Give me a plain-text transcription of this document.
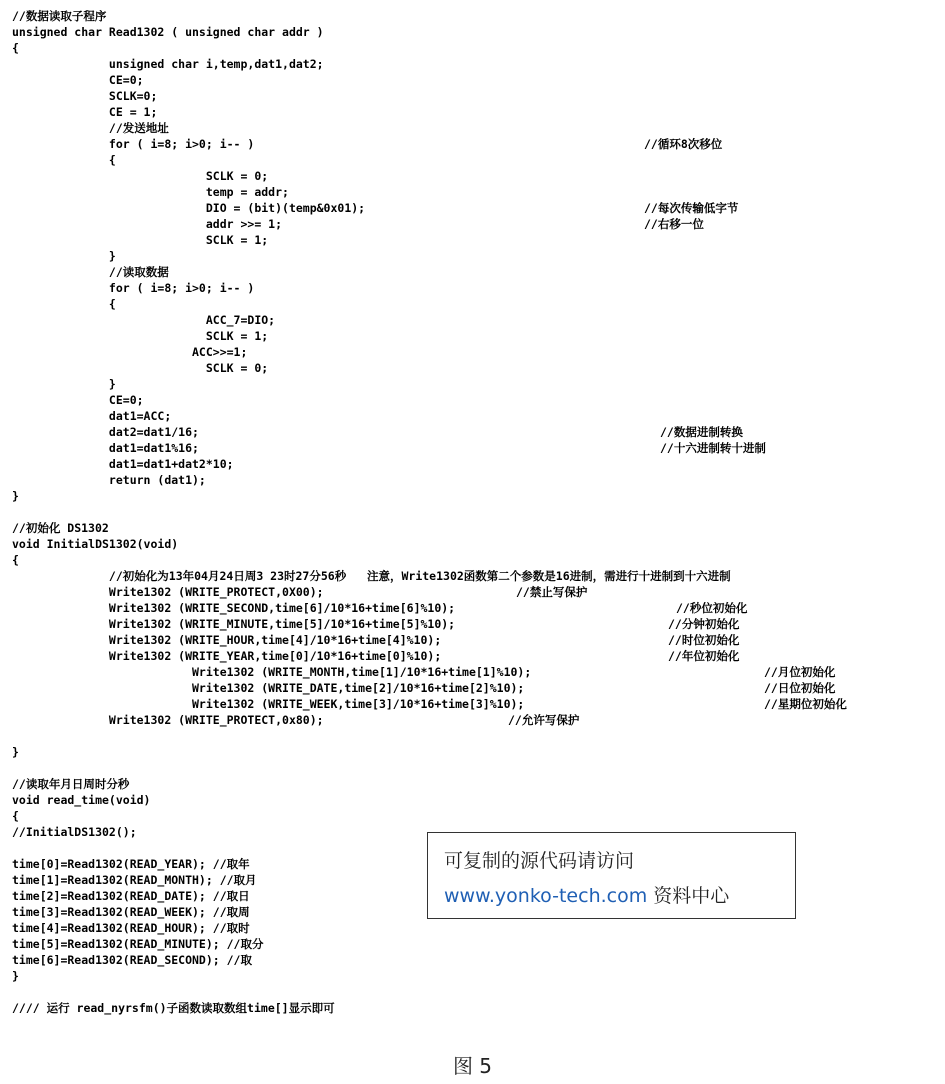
//数据读取子程序
unsigned char Read1302 ( unsigned char addr )
{
unsigned char i,temp,dat1,dat2;
CE=0;
SCLK=0;
CE = 1;
//发送地址
for ( i=8; i>0; i-- )	//循环8次移位
{
SCLK = 0;
temp = addr;
DIO = (bit)(temp&0x01);	//每次传输低字节
addr >>= 1;	//右移一位
SCLK = 1;
}
//读取数据
for ( i=8; i>0; i-- )
{
ACC_7=DIO;
SCLK = 1;
ACC>>=1;
SCLK = 0;
}
CE=0;
dat1=ACC;
dat2=dat1/16;	//数据进制转换
dat1=dat1%16;	//十六进制转十进制
dat1=dat1+dat2*10;
return (dat1);
}
//初始化 DS1302
void InitialDS1302(void)
{
//初始化为13年04月24日周3 23时27分56秒   注意，Write1302函数第二个参数是16进制，需进行十进制到十六进制
Write1302 (WRITE_PROTECT,0X00);	//禁止写保护
Write1302 (WRITE_SECOND,time[6]/10*16+time[6]%10);	//秒位初始化
Write1302 (WRITE_MINUTE,time[5]/10*16+time[5]%10);	//分钟初始化
Write1302 (WRITE_HOUR,time[4]/10*16+time[4]%10);	//时位初始化
Write1302 (WRITE_YEAR,time[0]/10*16+time[0]%10);	//年位初始化
Write1302 (WRITE_MONTH,time[1]/10*16+time[1]%10);	//月位初始化
Write1302 (WRITE_DATE,time[2]/10*16+time[2]%10);	//日位初始化
Write1302 (WRITE_WEEK,time[3]/10*16+time[3]%10);	//星期位初始化
Write1302 (WRITE_PROTECT,0x80);	//允许写保护
}
//读取年月日周时分秒
void read_time(void)
{
//InitialDS1302();
time[0]=Read1302(READ_YEAR); //取年
time[1]=Read1302(READ_MONTH); //取月
time[2]=Read1302(READ_DATE); //取日
time[3]=Read1302(READ_WEEK); //取周
time[4]=Read1302(READ_HOUR); //取时
time[5]=Read1302(READ_MINUTE); //取分
time[6]=Read1302(READ_SECOND); //取
}
//// 运行 read_nyrsfm()子函数读取数组time[]显示即可
可复制的源代码请访问
www.yonko-tech.com 资料中心
图 5
